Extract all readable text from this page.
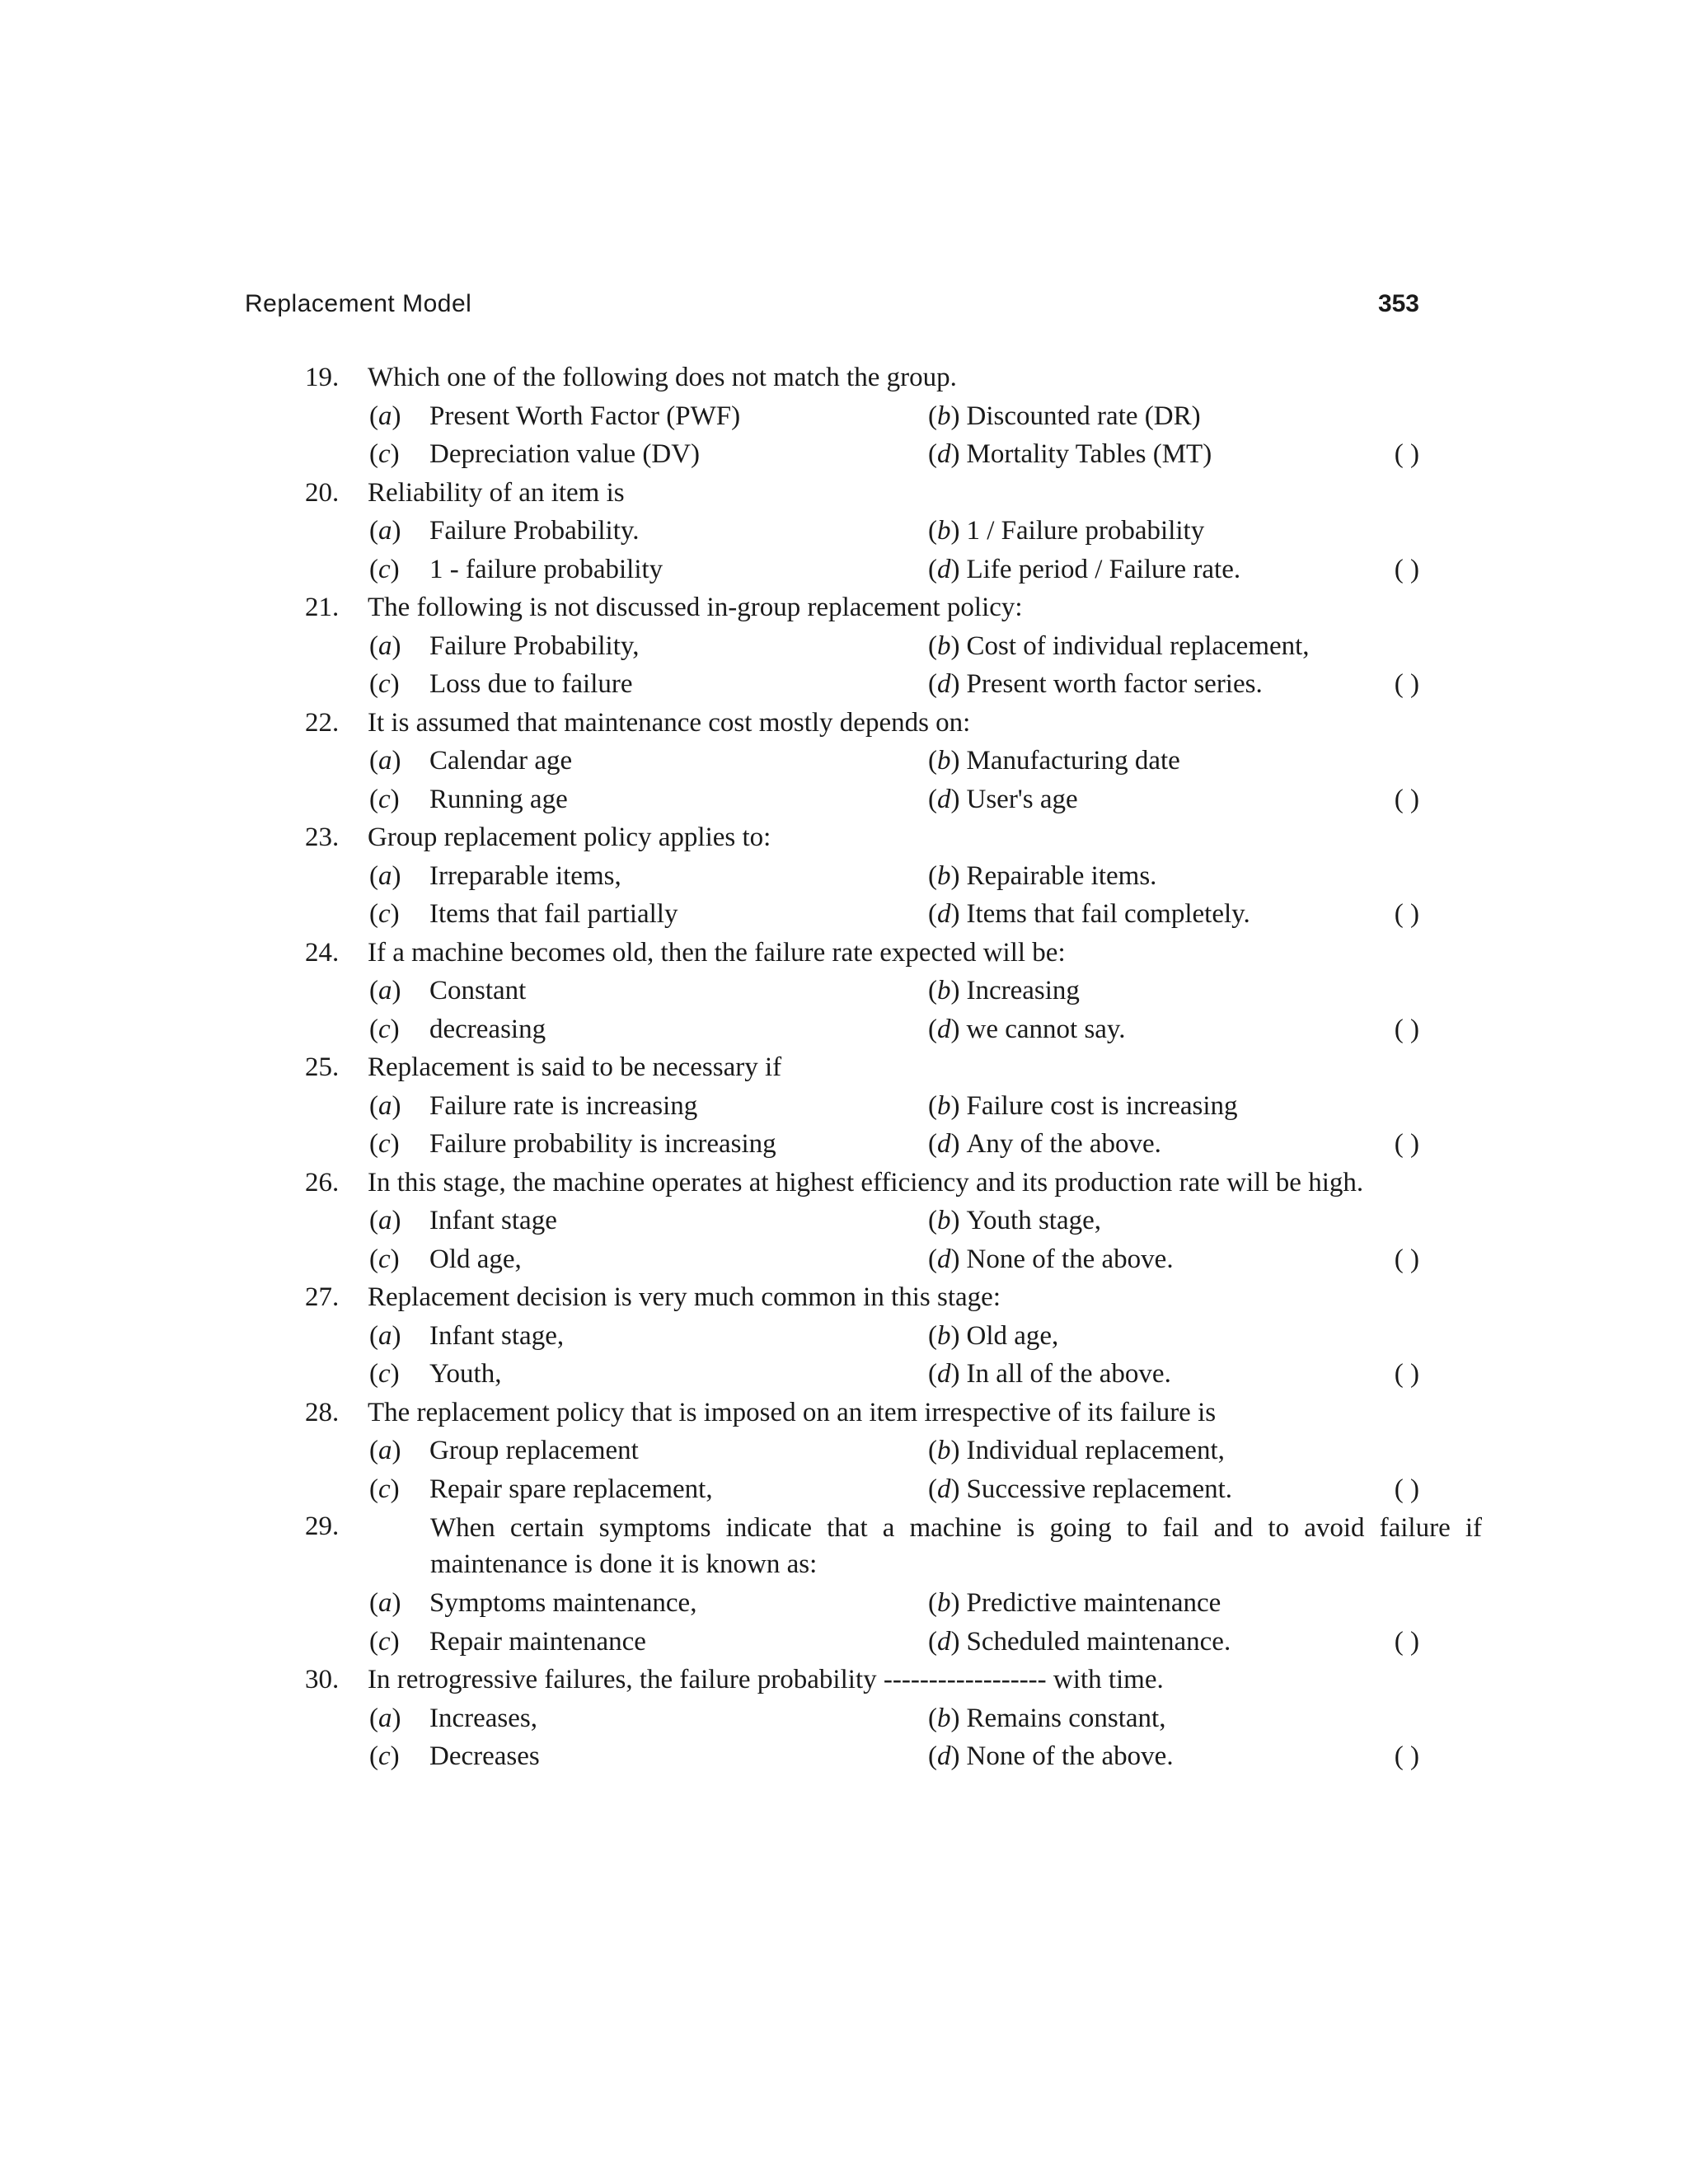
Replacement Model	353
19. Which one of the following does not match the group.
(a) Present Worth Factor (PWF)	(b) Discounted rate (DR)
(c) Depreciation value (DV)	(d) Mortality Tables (MT)	( )
20. Reliability of an item is
(a) Failure Probability.	(b) 1 / Failure probability
(c) 1 - failure probability	(d) Life period / Failure rate.	( )
21. The following is not discussed in-group replacement policy:
(a) Failure Probability,	(b) Cost of individual replacement,
(c) Loss due to failure	(d) Present worth factor series.	( )
22. It is assumed that maintenance cost mostly depends on:
(a) Calendar age	(b) Manufacturing date
(c) Running age	(d) User's age	( )
23. Group replacement policy applies to:
(a) Irreparable items,	(b) Repairable items.
(c) Items that fail partially	(d) Items that fail completely.	( )
24. If a machine becomes old, then the failure rate expected will be:
(a) Constant	(b) Increasing
(c) decreasing	(d) we cannot say.	( )
25. Replacement is said to be necessary if
(a) Failure rate is increasing	(b) Failure cost is increasing
(c) Failure probability is increasing	(d) Any of the above.	( )
26. In this stage, the machine operates at highest efficiency and its production rate will be high.
(a) Infant stage	(b) Youth stage,
(c) Old age,	(d) None of the above.	( )
27. Replacement decision is very much common in this stage:
(a) Infant stage,	(b) Old age,
(c) Youth,	(d) In all of the above.	( )
28. The replacement policy that is imposed on an item irrespective of its failure is
(a) Group replacement	(b) Individual replacement,
(c) Repair spare replacement,	(d) Successive replacement.	( )
29.	When certain symptoms indicate that a machine is going to fail and to avoid failure if maintenance is done it is known as:
(a) Symptoms maintenance,	(b) Predictive maintenance
(c) Repair maintenance	(d) Scheduled maintenance.	( )
30. In retrogressive failures, the failure probability ------------------ with time.
(a) Increases,	(b) Remains constant,
(c) Decreases	(d) None of the above.	( )
